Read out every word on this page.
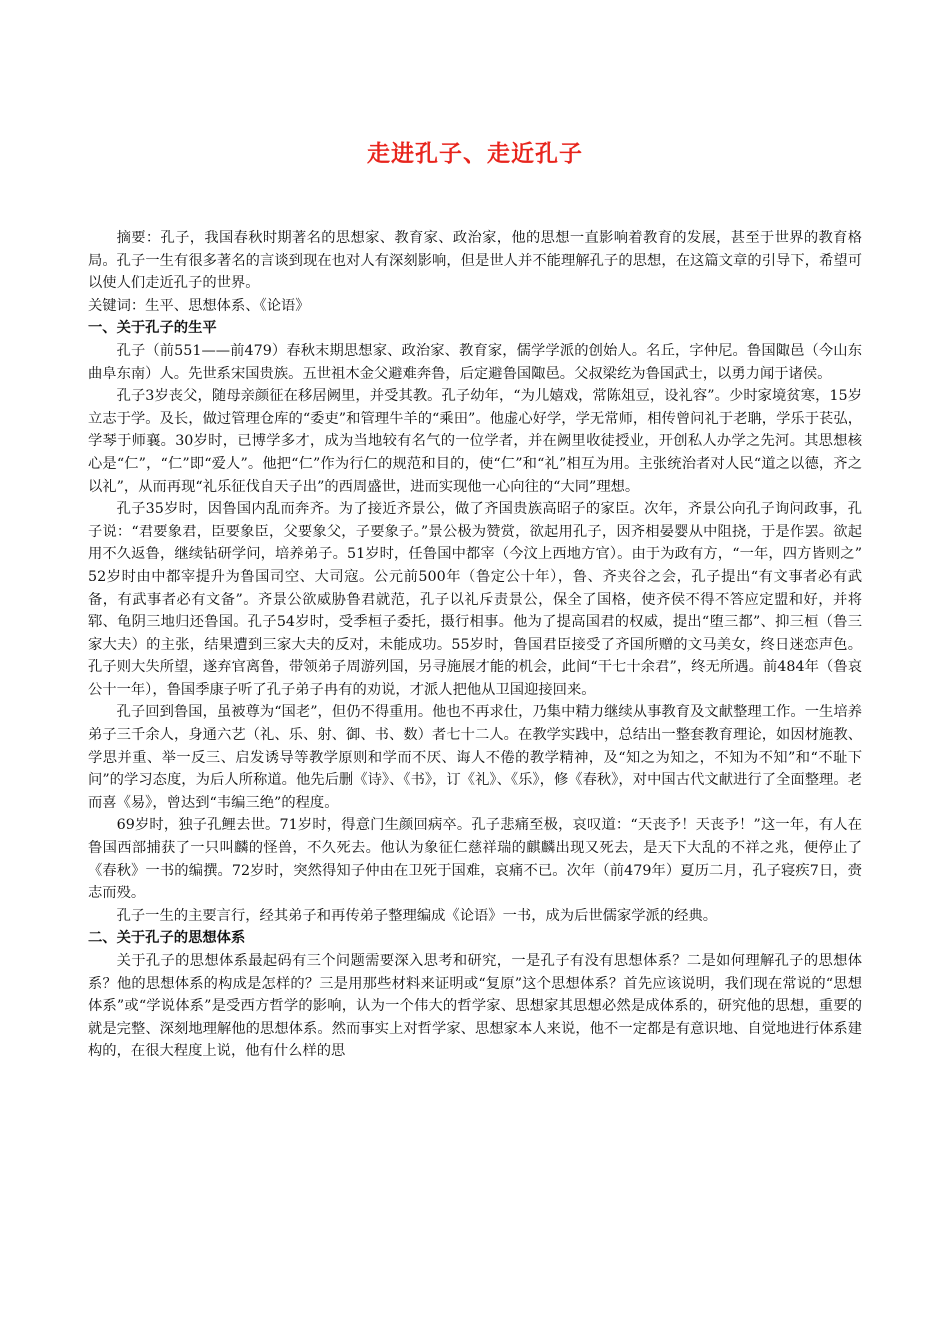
走进孔子、走近孔子

摘要：孔子，我国春秋时期著名的思想家、教育家、政治家，他的思想一直影响着教育的发展，甚至于世界的教育格局。孔子一生有很多著名的言谈到现在也对人有深刻影响，但是世人并不能理解孔子的思想，在这篇文章的引导下，希望可以使人们走近孔子的世界。

关键词：生平、思想体系、《论语》

一、关于孔子的生平

孔子（前551——前479）春秋末期思想家、政治家、教育家，儒学学派的创始人。名丘，字仲尼。鲁国陬邑（今山东曲阜东南）人。先世系宋国贵族。五世祖木金父避难奔鲁，后定避鲁国陬邑。父叔梁纥为鲁国武士，以勇力闻于诸侯。

孔子3岁丧父，随母亲颜征在移居阙里，并受其教。孔子幼年，“为儿嬉戏，常陈俎豆，设礼容”。少时家境贫寒，15岁立志于学。及长，做过管理仓库的“委吏”和管理牛羊的“乘田”。他虚心好学，学无常师，相传曾问礼于老聃，学乐于苌弘，学琴于师襄。30岁时，已博学多才，成为当地较有名气的一位学者，并在阙里收徒授业，开创私人办学之先河。其思想核心是“仁”，“仁”即“爱人”。他把“仁”作为行仁的规范和目的，使“仁”和“礼”相互为用。主张统治者对人民“道之以德，齐之以礼”，从而再现“礼乐征伐自天子出”的西周盛世，进而实现他一心向往的“大同”理想。

孔子35岁时，因鲁国内乱而奔齐。为了接近齐景公，做了齐国贵族高昭子的家臣。次年，齐景公向孔子询问政事，孔子说：“君要象君，臣要象臣，父要象父，子要象子。”景公极为赞赏，欲起用孔子，因齐相晏婴从中阻挠，于是作罢。欲起用不久返鲁，继续钻研学问，培养弟子。51岁时，任鲁国中都宰（今汶上西地方官）。由于为政有方，“一年，四方皆则之” 52岁时由中都宰提升为鲁国司空、大司寇。公元前500年（鲁定公十年），鲁、齐夹谷之会，孔子提出“有文事者必有武备，有武事者必有文备”。齐景公欲威胁鲁君就范，孔子以礼斥责景公，保全了国格，使齐侯不得不答应定盟和好，并将郓、龟阴三地归还鲁国。孔子54岁时，受季桓子委托，摄行相事。他为了提高国君的权威，提出“堕三都”、抑三桓（鲁三家大夫）的主张，结果遭到三家大夫的反对，未能成功。55岁时，鲁国君臣接受了齐国所赠的文马美女，终日迷恋声色。孔子则大失所望，遂弃官离鲁，带领弟子周游列国，另寻施展才能的机会，此间“干七十余君”，终无所遇。前484年（鲁哀公十一年），鲁国季康子听了孔子弟子冉有的劝说，才派人把他从卫国迎接回来。

孔子回到鲁国，虽被尊为“国老”，但仍不得重用。他也不再求仕，乃集中精力继续从事教育及文献整理工作。一生培养弟子三千余人，身通六艺（礼、乐、射、御、书、数）者七十二人。在教学实践中，总结出一整套教育理论，如因材施教、学思并重、举一反三、启发诱导等教学原则和学而不厌、诲人不倦的教学精神，及“知之为知之，不知为不知”和“不耻下问”的学习态度，为后人所称道。他先后删《诗》、《书》，订《礼》、《乐》，修《春秋》，对中国古代文献进行了全面整理。老而喜《易》，曾达到“韦编三绝”的程度。

69岁时，独子孔鲤去世。71岁时，得意门生颜回病卒。孔子悲痛至极，哀叹道：“天丧予！天丧予！”这一年，有人在鲁国西部捕获了一只叫麟的怪兽，不久死去。他认为象征仁慈祥瑞的麒麟出现又死去，是天下大乱的不祥之兆，便停止了《春秋》一书的编撰。72岁时，突然得知子仲由在卫死于国难，哀痛不已。次年（前479年）夏历二月，孔子寝疾7日，赍志而殁。

孔子一生的主要言行，经其弟子和再传弟子整理编成《论语》一书，成为后世儒家学派的经典。

二、关于孔子的思想体系

关于孔子的思想体系最起码有三个问题需要深入思考和研究，一是孔子有没有思想体系？二是如何理解孔子的思想体系？他的思想体系的构成是怎样的？三是用那些材料来证明或“复原”这个思想体系？首先应该说明，我们现在常说的“思想体系”或“学说体系”是受西方哲学的影响，认为一个伟大的哲学家、思想家其思想必然是成体系的，研究他的思想，重要的就是完整、深刻地理解他的思想体系。然而事实上对哲学家、思想家本人来说，他不一定都是有意识地、自觉地进行体系建构的，在很大程度上说，他有什么样的思
